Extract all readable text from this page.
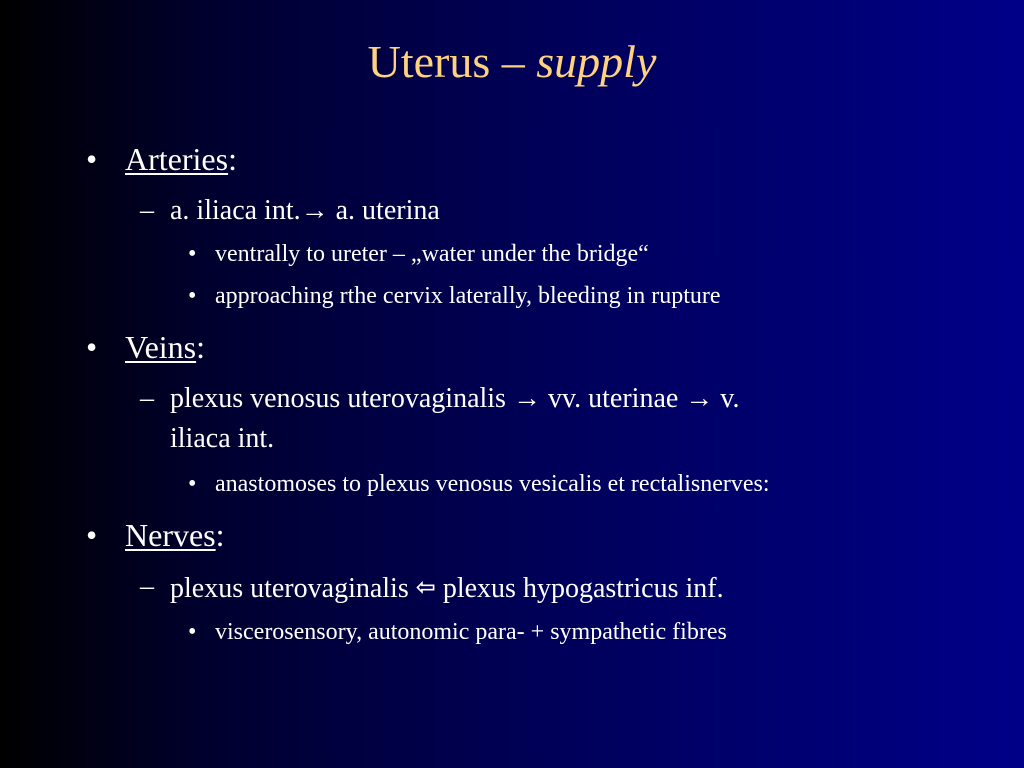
Uterus – supply
• Arteries:
– a. iliaca int.→ a. uterina
• ventrally to ureter – „water under the bridge“
• approaching rthe cervix laterally, bleeding in rupture
• Veins:
– plexus venosus uterovaginalis → vv. uterinae → v.
iliaca int.
• anastomoses to plexus venosus vesicalis et rectalisnerves:
• Nerves:
– plexus uterovaginalis ⇦ plexus hypogastricus inf.
• viscerosensory, autonomic para- + sympathetic fibres
